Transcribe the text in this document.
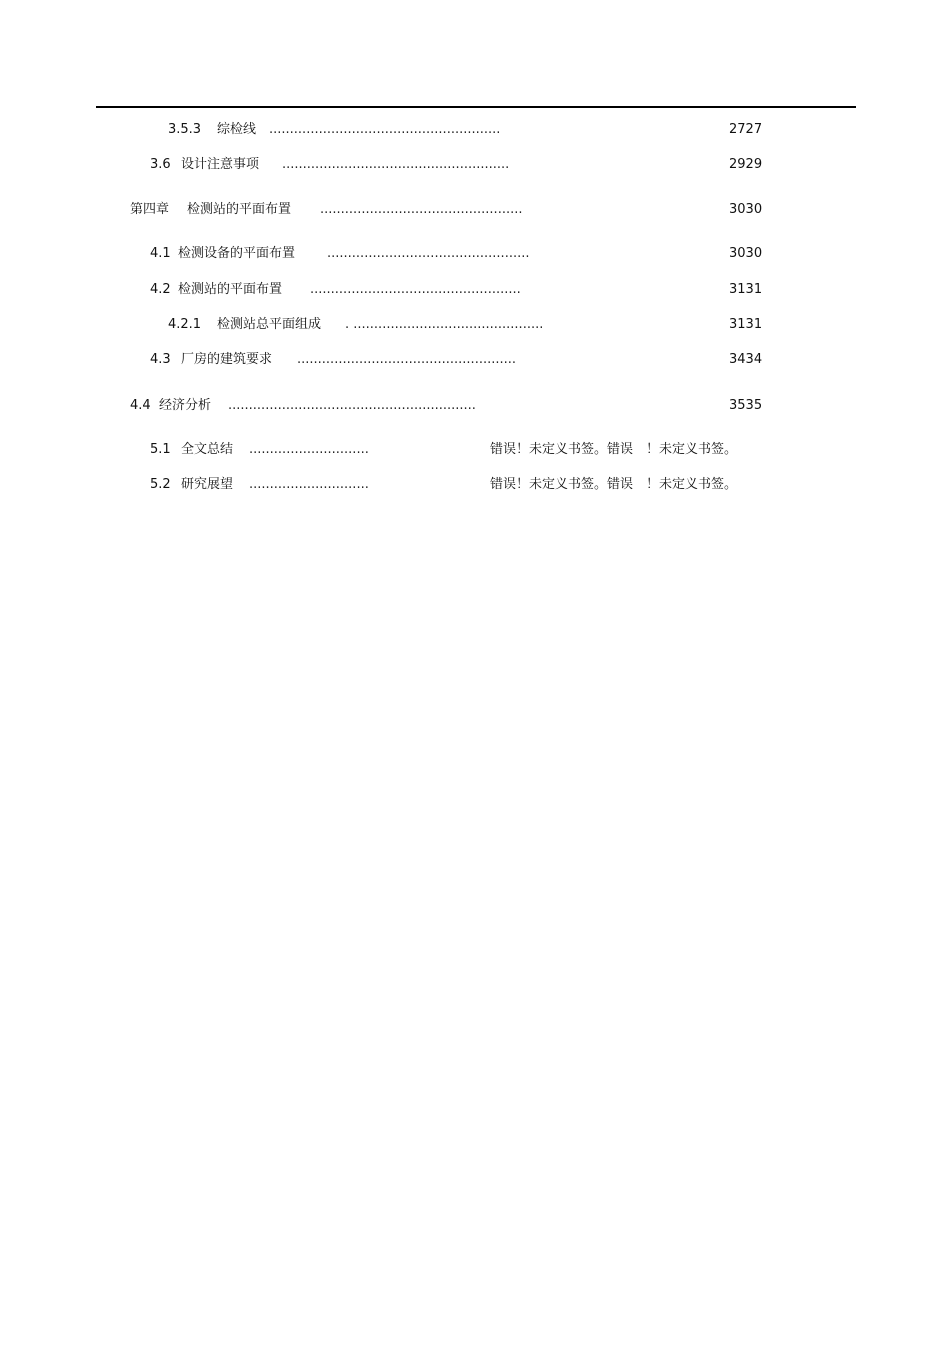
3.5.3 综检线 ........................................................	2727
3.6 设计注意事项 .......................................................	2929
第四章 检测站的平面布置 .................................................	3030
4.1 检测设备的平面布置 .................................................	3030
4.2 检测站的平面布置 ...................................................	3131
4.2.1 检测站总平面组成 . ..............................................	3131
4.3 厂房的建筑要求 .....................................................	3434
4.4 经济分析 ............................................................	3535
5.1 全文总结 .............................	错误！未定义书签。错误　！未定义书签。
5.2 研究展望 .............................	错误！未定义书签。错误　！未定义书签。
